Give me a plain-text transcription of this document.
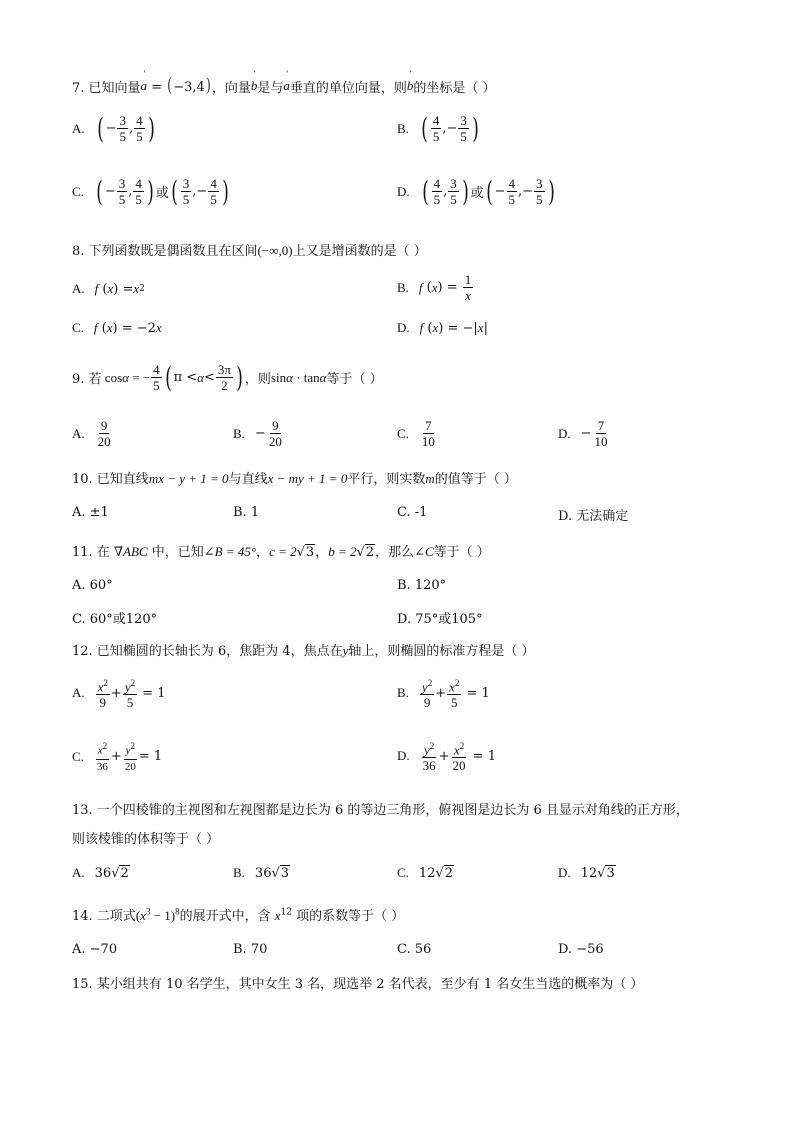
7. 已知向量 ' a = (−3,4) ，向量 ' b 是与 ' a 垂直的单位向量，则 ' b 的坐标是（ ）
A. ( − $\frac{3}{5}$ , $\frac{4}{5}$ )	B. ( $\frac{4}{5}$ ,− $\frac{3}{5}$ )
C. ( − $\frac{3}{5}$ , $\frac{4}{5}$ ) 或 ( $\frac{3}{5}$ ,− $\frac{4}{5}$ )	D. ( $\frac{4}{5}$ , $\frac{3}{5}$ ) 或 ( − $\frac{4}{5}$ ,− $\frac{3}{5}$ )
8. 下列函数既是偶函数且在区间(−∞,0)上又是增函数的是（ ）
A. f ( x ) = x 2	B. f ( x ) = $\frac{1}{x}$
C. f ( x ) = −2 x	D. f ( x ) = −| x |
9. 若 cosα = − $\frac{4}{5}$ ( $\pi < \alpha < \frac{3\pi}{2}$ ) ，则 sinα · tanα 等于（ ）
A. $\frac{9}{20}$	B. − $\frac{9}{20}$	C. $\frac{7}{10}$	D. − $\frac{7}{10}$
10. 已知直线mx − y + 1 = 0与直线x − my + 1 = 0平行，则实数m的值等于（ ）
A. ±1	B. 1	C. -1	D. 无法确定
11. 在 ∇ABC 中，已知∠B = 45°，c = 2√3，b = 2√2，那么∠C等于（ ）
A. 60°	B. 120°
C. 60°或120°	D. 75°或105°
12. 已知椭圆的长轴长为 6，焦距为 4，焦点在y轴上，则椭圆的标准方程是（ ）
A. $\frac{x^2}{9} + \frac{y^2}{5} = 1$	B. $\frac{y^2}{9} + \frac{x^2}{5} = 1$
C. $\frac{x^2}{36} + \frac{y^2}{20} = 1$	D. $\frac{y^2}{36} + \frac{x^2}{20} = 1$
13. 一个四棱锥的主视图和左视图都是边长为 6 的等边三角形，俯视图是边长为 6 且显示对角线的正方形，
则该棱锥的体积等于（ ）
A. 36 √ 2	B. 36 √ 3	C. 12 √ 2	D. 12 √ 3
14. 二项式$(x^3 - 1)^8$的展开式中，含 $x^{12}$ 项的系数等于（ ）
A. −70	B. 70	C. 56	D. −56
15. 某小组共有 10 名学生，其中女生 3 名，现选举 2 名代表，至少有 1 名女生当选的概率为（ ）
